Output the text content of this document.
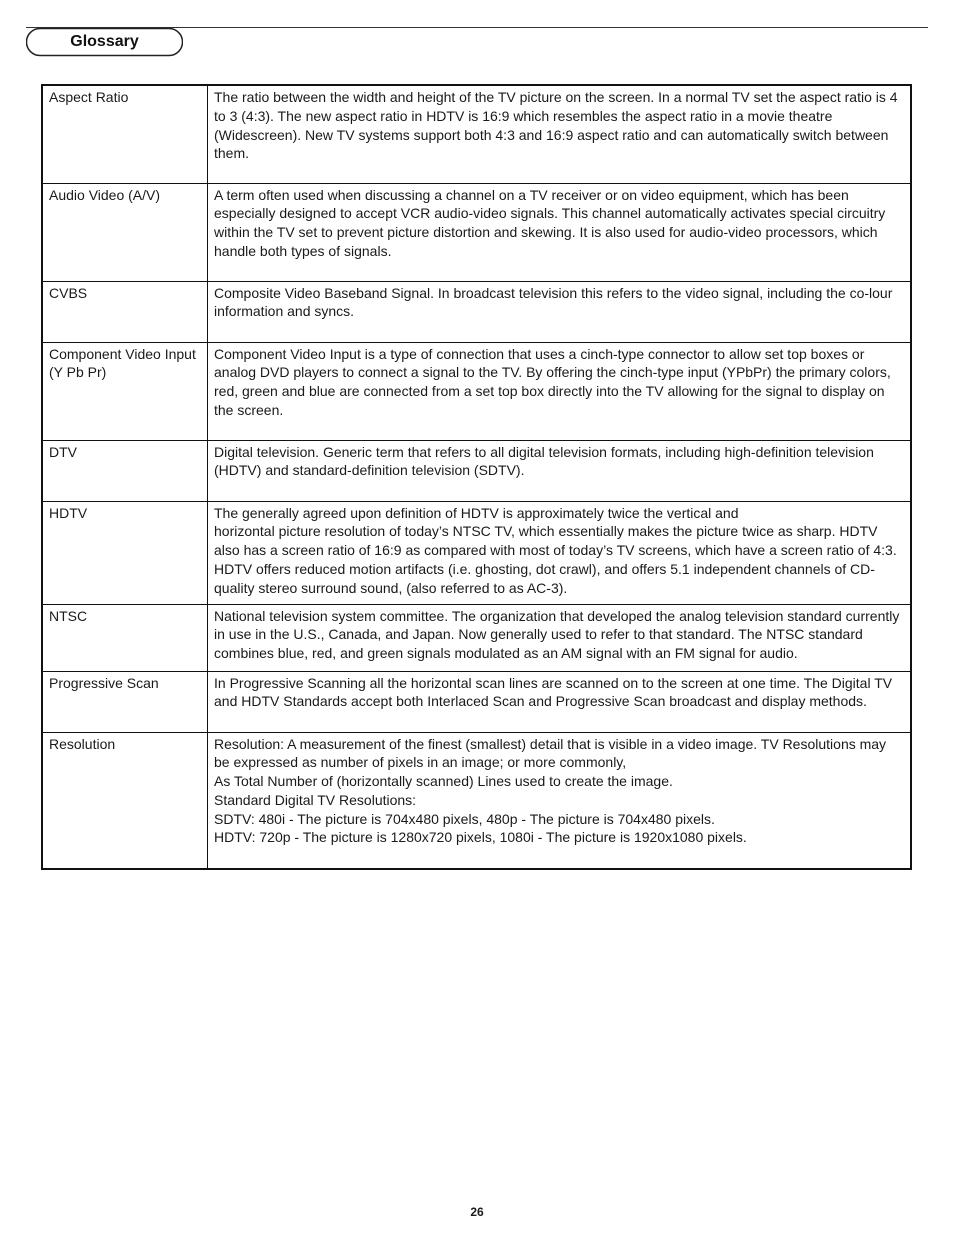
Glossary
Aspect Ratio	The ratio between the width and height of the TV picture on the screen. In a normal TV set the aspect ratio is 4 to 3 (4:3). The new aspect ratio in HDTV is 16:9 which resembles the aspect ratio in a movie theatre (Widescreen). New TV systems support both 4:3 and 16:9 aspect ratio and can automatically switch between them.
Audio Video (A/V)	A term often used when discussing a channel on a TV receiver or on video equipment, which has been especially designed to accept VCR audio-video signals. This channel automatically activates special circuitry within the TV set to prevent picture distortion and skewing. It is also used for audio-video processors, which handle both types of signals.
CVBS	Composite Video Baseband Signal. In broadcast television this refers to the video signal, including the co-lour information and syncs.
Component Video Input (Y Pb Pr)	Component Video Input is a type of connection that uses a cinch-type connector to allow set top boxes or analog DVD players to connect a signal to the TV. By offering the cinch-type input (YPbPr) the primary colors, red, green and blue are connected from a set top box directly into the TV allowing for the signal to display on the screen.
DTV	Digital television. Generic term that refers to all digital television formats, including high-definition television (HDTV) and standard-definition television (SDTV).
HDTV	The generally agreed upon definition of HDTV is approximately twice the vertical and
horizontal picture resolution of today’s NTSC TV, which essentially makes the picture twice as sharp. HDTV also has a screen ratio of 16:9 as compared with most of today’s TV screens, which have a screen ratio of 4:3. HDTV offers reduced motion artifacts (i.e. ghosting, dot crawl), and offers 5.1 independent channels of CD-quality stereo surround sound, (also referred to as AC-3).
NTSC	National television system committee. The organization that developed the analog television standard currently in use in the U.S., Canada, and Japan. Now generally used to refer to that standard. The NTSC standard combines blue, red, and green signals modulated as an AM signal with an FM signal for audio.
Progressive Scan	In Progressive Scanning all the horizontal scan lines are scanned on to the screen at one time. The Digital TV and HDTV Standards accept both Interlaced Scan and Progressive Scan broadcast and display methods.
Resolution	Resolution: A measurement of the finest (smallest) detail that is visible in a video image. TV Resolutions may be expressed as number of pixels in an image; or more commonly,
As Total Number of (horizontally scanned) Lines used to create the image.
Standard Digital TV Resolutions:
SDTV: 480i - The picture is 704x480 pixels, 480p - The picture is 704x480 pixels.
HDTV: 720p - The picture is 1280x720 pixels, 1080i - The picture is 1920x1080 pixels.
26
